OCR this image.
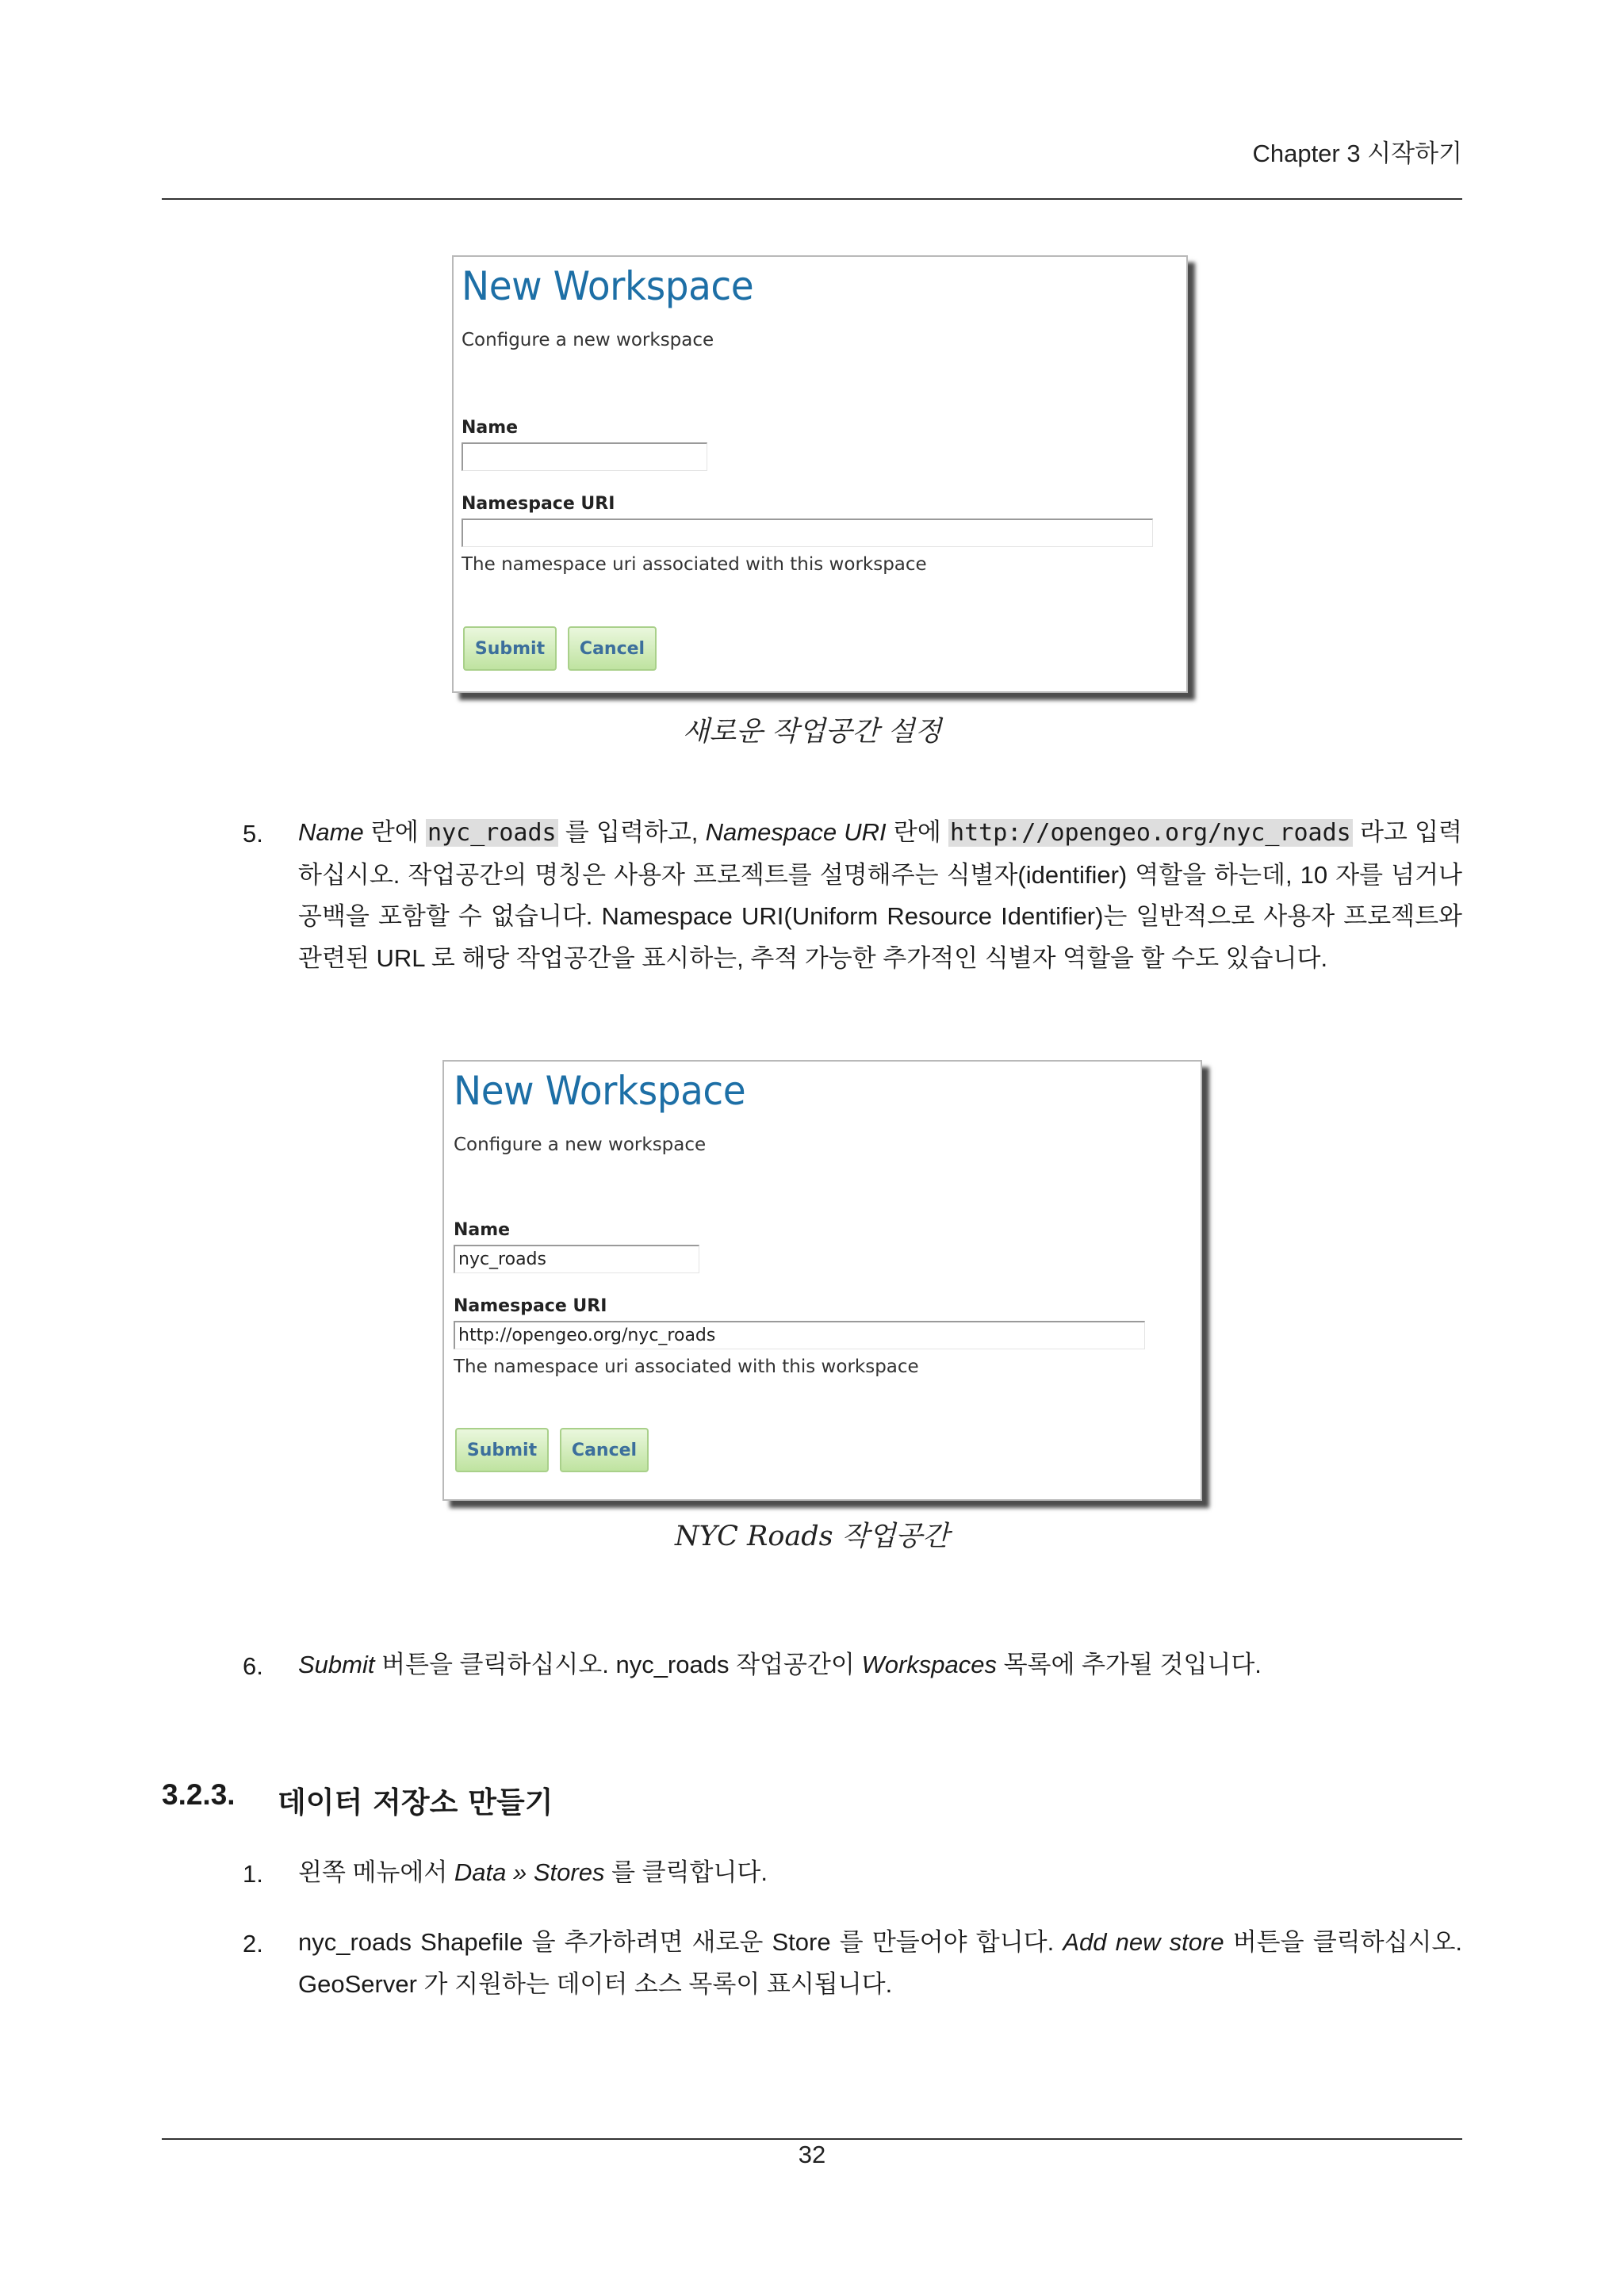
Chapter 3 시작하기
New Workspace
Configure a new workspace
Name
Namespace URI
The namespace uri associated with this workspace
Submit	Cancel
새로운 작업공간 설정
5. Name 란에 nyc_roads 를 입력하고, Namespace URI 란에 http://opengeo.org/nyc_roads 라고 입력하십시오. 작업공간의 명칭은 사용자 프로젝트를 설명해주는 식별자(identifier) 역할을 하는데, 10 자를 넘거나 공백을 포함할 수 없습니다. Namespace URI(Uniform Resource Identifier)는 일반적으로 사용자 프로젝트와 관련된 URL 로 해당 작업공간을 표시하는, 추적 가능한 추가적인 식별자 역할을 할 수도 있습니다.
New Workspace
Configure a new workspace
Name
nyc_roads
Namespace URI
http://opengeo.org/nyc_roads
The namespace uri associated with this workspace
Submit	Cancel
NYC Roads 작업공간
6. Submit 버튼을 클릭하십시오. nyc_roads 작업공간이 Workspaces 목록에 추가될 것입니다.
3.2.3. 데이터 저장소 만들기
1. 왼쪽 메뉴에서 Data » Stores 를 클릭합니다.
2. nyc_roads Shapefile 을 추가하려면 새로운 Store 를 만들어야 합니다. Add new store 버튼을 클릭하십시오. GeoServer 가 지원하는 데이터 소스 목록이 표시됩니다.
32
